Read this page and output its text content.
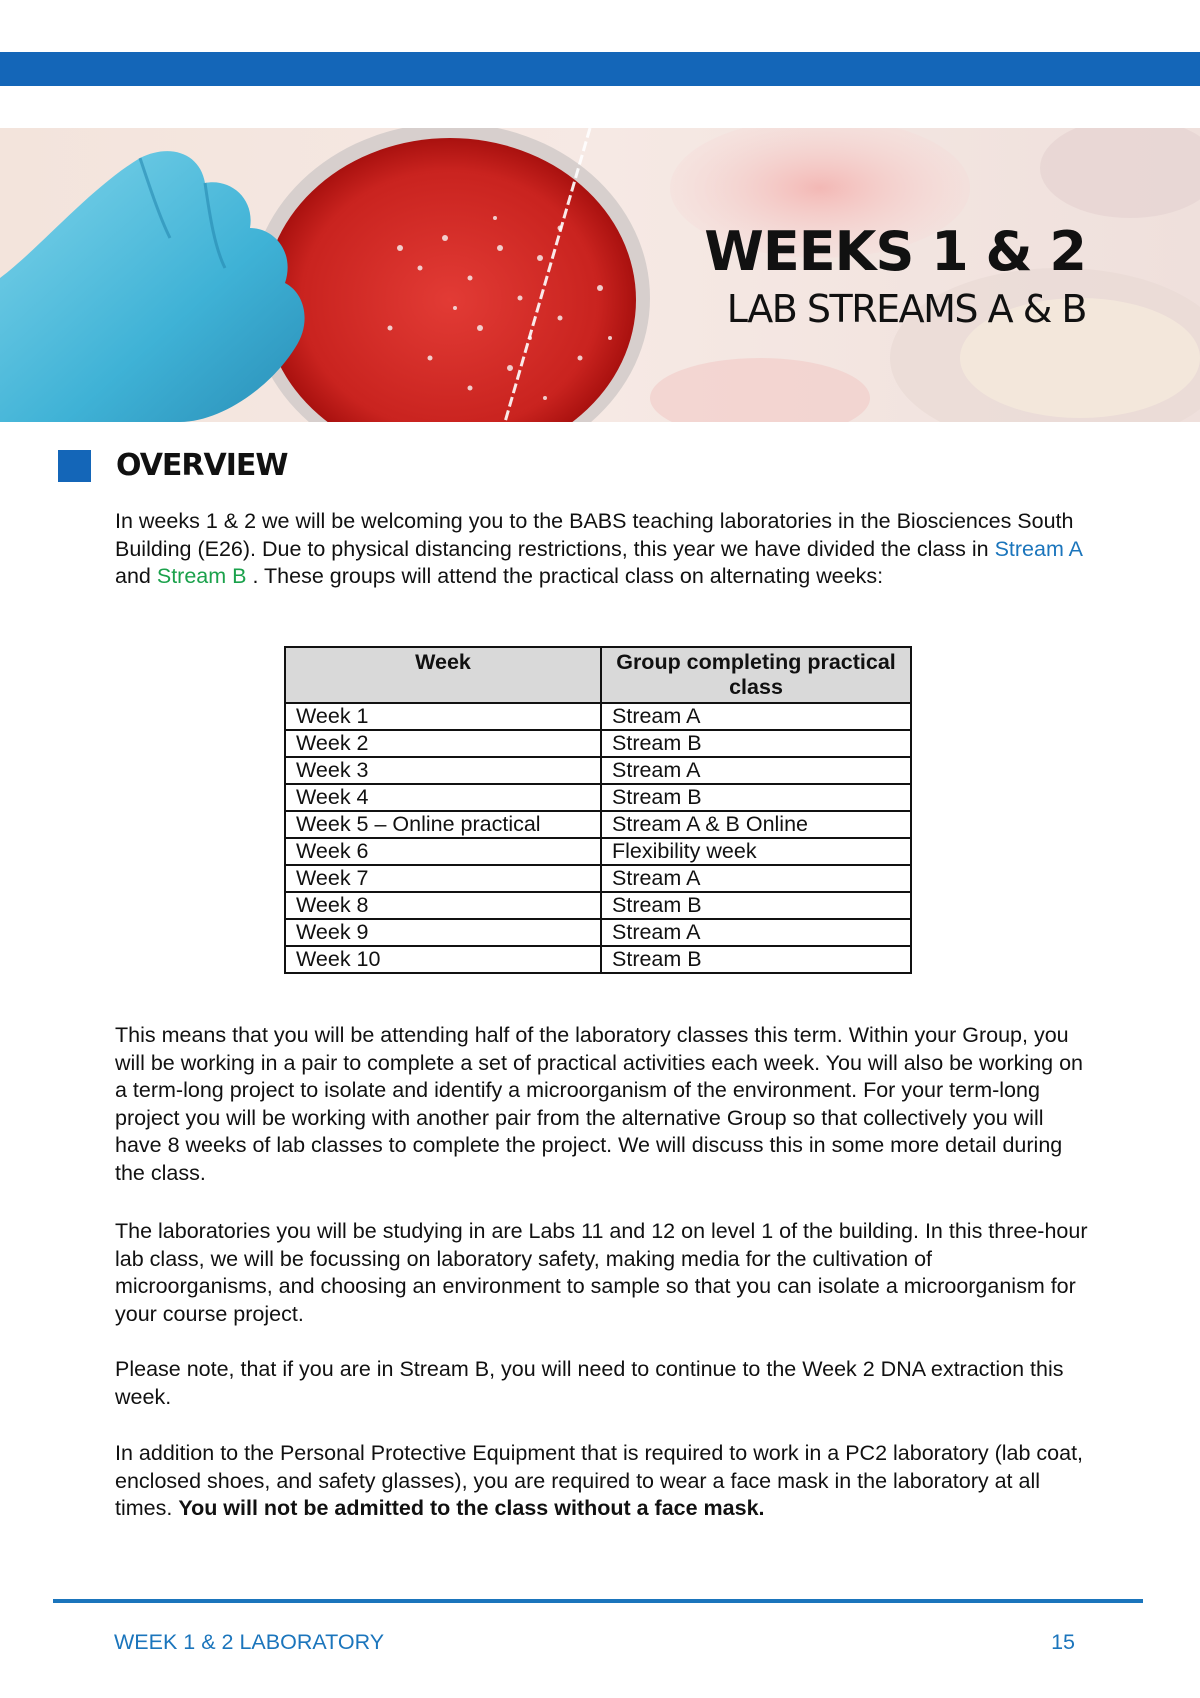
WEEKS 1 & 2
LAB STREAMS A & B
OVERVIEW

In weeks 1 & 2 we will be welcoming you to the BABS teaching laboratories in the Biosciences South Building (E26). Due to physical distancing restrictions, this year we have divided the class in Stream A and Stream B . These groups will attend the practical class on alternating weeks:

Week	Group completing practical class
Week 1	Stream A
Week 2	Stream B
Week 3	Stream A
Week 4	Stream B
Week 5 – Online practical	Stream A & B Online
Week 6	Flexibility week
Week 7	Stream A
Week 8	Stream B
Week 9	Stream A
Week 10	Stream B

This means that you will be attending half of the laboratory classes this term. Within your Group, you will be working in a pair to complete a set of practical activities each week. You will also be working on a term-long project to isolate and identify a microorganism of the environment. For your term-long project you will be working with another pair from the alternative Group so that collectively you will have 8 weeks of lab classes to complete the project. We will discuss this in some more detail during the class.

The laboratories you will be studying in are Labs 11 and 12 on level 1 of the building. In this three-hour lab class, we will be focussing on laboratory safety, making media for the cultivation of microorganisms, and choosing an environment to sample so that you can isolate a microorganism for your course project.

Please note, that if you are in Stream B, you will need to continue to the Week 2 DNA extraction this week.

In addition to the Personal Protective Equipment that is required to work in a PC2 laboratory (lab coat, enclosed shoes, and safety glasses), you are required to wear a face mask in the laboratory at all times. You will not be admitted to the class without a face mask.

WEEK 1 & 2 LABORATORY	15
